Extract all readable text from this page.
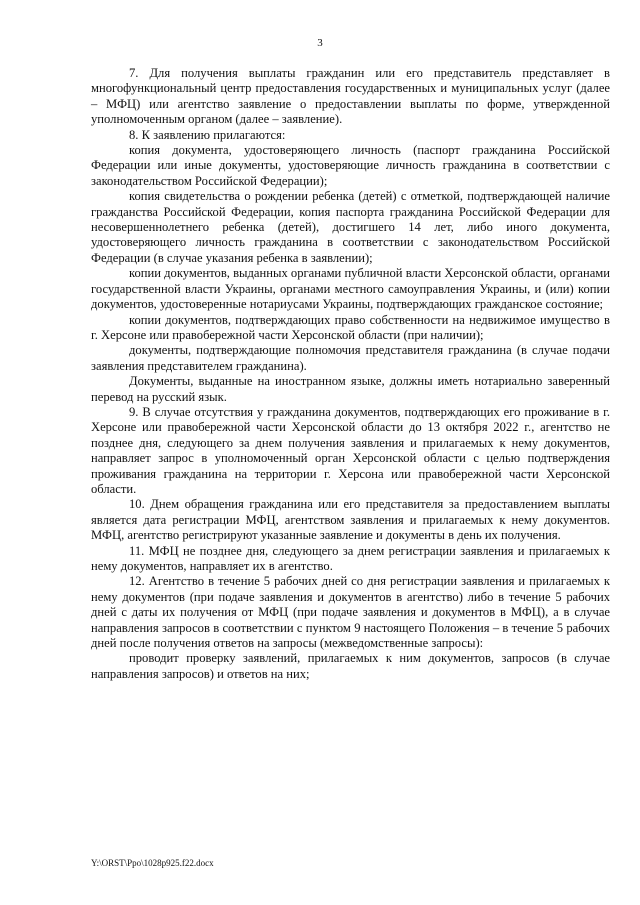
3

7. Для получения выплаты гражданин или его представитель представляет в многофункциональный центр предоставления государственных и муниципальных услуг (далее – МФЦ) или агентство заявление о предоставлении выплаты по форме, утвержденной уполномоченным органом (далее – заявление).

8. К заявлению прилагаются:

копия документа, удостоверяющего личность (паспорт гражданина Российской Федерации или иные документы, удостоверяющие личность гражданина в соответствии с законодательством Российской Федерации);

копия свидетельства о рождении ребенка (детей) с отметкой, подтверждающей наличие гражданства Российской Федерации, копия паспорта гражданина Российской Федерации для несовершеннолетнего ребенка (детей), достигшего 14 лет, либо иного документа, удостоверяющего личность гражданина в соответствии с законодательством Российской Федерации (в случае указания ребенка в заявлении);

копии документов, выданных органами публичной власти Херсонской области, органами государственной власти Украины, органами местного самоуправления Украины, и (или) копии документов, удостоверенные нотариусами Украины, подтверждающих гражданское состояние;

копии документов, подтверждающих право собственности на недвижимое имущество в г. Херсоне или правобережной части Херсонской области (при наличии);

документы, подтверждающие полномочия представителя гражданина (в случае подачи заявления представителем гражданина).

Документы, выданные на иностранном языке, должны иметь нотариально заверенный перевод на русский язык.

9. В случае отсутствия у гражданина документов, подтверждающих его проживание в г. Херсоне или правобережной части Херсонской области до 13 октября 2022 г., агентство не позднее дня, следующего за днем получения заявления и прилагаемых к нему документов, направляет запрос в уполномоченный орган Херсонской области с целью подтверждения проживания гражданина на территории г. Херсона или правобережной части Херсонской области.

10. Днем обращения гражданина или его представителя за предоставлением выплаты является дата регистрации МФЦ, агентством заявления и прилагаемых к нему документов. МФЦ, агентство регистрируют указанные заявление и документы в день их получения.

11. МФЦ не позднее дня, следующего за днем регистрации заявления и прилагаемых к нему документов, направляет их в агентство.

12. Агентство в течение 5 рабочих дней со дня регистрации заявления и прилагаемых к нему документов (при подаче заявления и документов в агентство) либо в течение 5 рабочих дней с даты их получения от МФЦ (при подаче заявления и документов в МФЦ), а в случае направления запросов в соответствии с пунктом 9 настоящего Положения – в течение 5 рабочих дней после получения ответов на запросы (межведомственные запросы):

проводит проверку заявлений, прилагаемых к ним документов, запросов (в случае направления запросов) и ответов на них;

Y:\ORST\Ppo\1028p925.f22.docx
